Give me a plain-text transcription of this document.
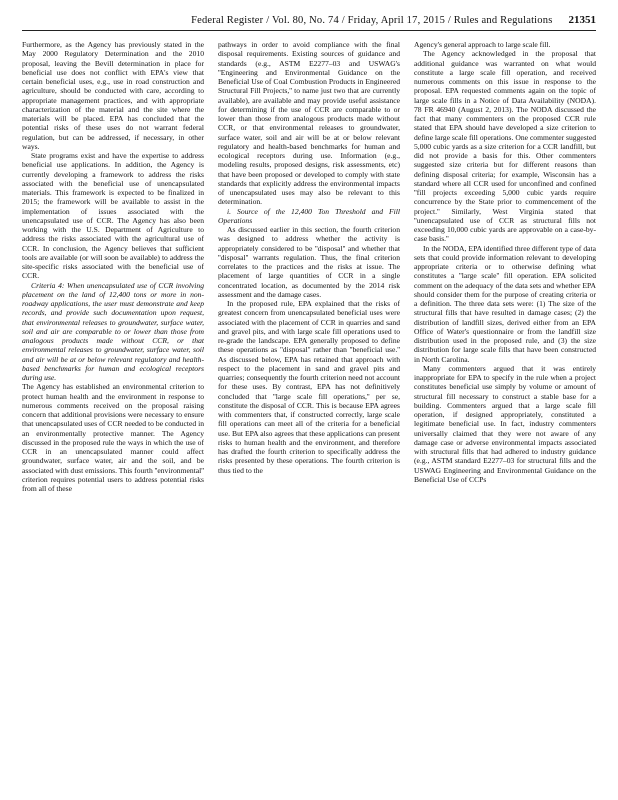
Federal Register / Vol. 80, No. 74 / Friday, April 17, 2015 / Rules and Regulations	21351

Furthermore, as the Agency has previously stated in the May 2000 Regulatory Determination and the 2010 proposal, leaving the Bevill determination in place for beneficial use does not conflict with EPA's view that certain beneficial uses, e.g., use in road construction and agriculture, should be conducted with care, according to appropriate management practices, and with appropriate characterization of the material and the site where the materials will be placed. EPA has concluded that the potential risks of these uses do not warrant federal regulation, but can be addressed, if necessary, in other ways.

State programs exist and have the expertise to address beneficial use applications. In addition, the Agency is currently developing a framework to address the risks associated with the beneficial use of unencapsulated materials. This framework is expected to be finalized in 2015; the framework will be available to assist in the implementation of issues associated with the unencapsulated use of CCR. The Agency has also been working with the U.S. Department of Agriculture to address the risks associated with the agricultural use of CCR. In conclusion, the Agency believes that sufficient tools are available (or will soon be available) to address the site-specific risks associated with the beneficial use of CCR.

Criteria 4: When unencapsulated use of CCR involving placement on the land of 12,400 tons or more in non-roadway applications, the user must demonstrate and keep records, and provide such documentation upon request, that environmental releases to groundwater, surface water, soil and air are comparable to or lower than those from analogous products made without CCR, or that environmental releases to groundwater, surface water, soil and air will be at or below relevant regulatory and health-based benchmarks for human and ecological receptors during use.

The Agency has established an environmental criterion to protect human health and the environment in response to numerous comments received on the proposal raising concern that additional provisions were necessary to ensure that unencapsulated uses of CCR needed to be conducted in an environmentally protective manner. The Agency discussed in the proposed rule the ways in which the use of CCR in an unencapsulated manner could affect groundwater, surface water, air and the soil, and be associated with dust emissions. This fourth ''environmental'' criterion requires potential users to address potential risks from all of these

pathways in order to avoid compliance with the final disposal requirements. Existing sources of guidance and standards (e.g., ASTM E2277–03 and USWAG's ''Engineering and Environmental Guidance on the Beneficial Use of Coal Combustion Products in Engineered Structural Fill Projects,'' to name just two that are currently available), are available and may provide useful assistance for determining if the use of CCR are comparable to or lower than those from analogous products made without CCR, or that environmental releases to groundwater, surface water, soil and air will be at or below relevant regulatory and health-based benchmarks for human and ecological receptors during use. Information (e.g., modeling results, proposed designs, risk assessments, etc) that have been proposed or developed to comply with state standards that explicitly address the environmental impacts of unencapsulated uses may also be relevant to this determination.

i. Source of the 12,400 Ton Threshold and Fill Operations

As discussed earlier in this section, the fourth criterion was designed to address whether the activity is appropriately considered to be ''disposal'' and whether that ''disposal'' warrants regulation. Thus, the final criterion correlates to the practices and the risks at issue. The placement of large quantities of CCR in a single concentrated location, as documented by the 2014 risk assessment and the damage cases.

In the proposed rule, EPA explained that the risks of greatest concern from unencapsulated beneficial uses were associated with the placement of CCR in quarries and sand and gravel pits, and with large scale fill operations used to re-grade the landscape. EPA generally proposed to define these operations as ''disposal'' rather than ''beneficial use.'' As discussed below, EPA has retained that approach with respect to the placement in sand and gravel pits and quarries; consequently the fourth criterion need not account for these uses. By contrast, EPA has not definitively concluded that ''large scale fill operations,'' per se, constitute the disposal of CCR. This is because EPA agrees with commenters that, if constructed correctly, large scale fill operations can meet all of the criteria for a beneficial use. But EPA also agrees that these applications can present risks to human health and the environment, and therefore has drafted the fourth criterion to specifically address the risks presented by these operations. The fourth criterion is thus tied to the

Agency's general approach to large scale fill.

The Agency acknowledged in the proposal that additional guidance was warranted on what would constitute a large scale fill operation, and received numerous comments on this issue in response to the proposal. EPA requested comments again on the topic of large scale fills in a Notice of Data Availability (NODA). 78 FR 46940 (August 2, 2013). The NODA discussed the fact that many commenters on the proposed CCR rule stated that EPA should have developed a size criterion to define large scale fill operations. One commenter suggested 5,000 cubic yards as a size criterion for a CCR landfill, but did not provide a basis for this. Other commenters suggested size criteria but for different reasons than defining disposal criteria; for example, Wisconsin has a standard where all CCR used for unconfined and confined ''fill projects exceeding 5,000 cubic yards require concurrence by the State prior to commencement of the project.'' Similarly, West Virginia stated that ''unencapsulated use of CCR as structural fills not exceeding 10,000 cubic yards are approvable on a case-by-case basis.''

In the NODA, EPA identified three different type of data sets that could provide information relevant to developing appropriate criteria or to otherwise defining what constitutes a ''large scale'' fill operation. EPA solicited comment on the adequacy of the data sets and whether EPA should consider them for the purpose of creating criteria or a definition. The three data sets were: (1) The size of the structural fills that have resulted in damage cases; (2) the distribution of landfill sizes, derived either from an EPA Office of Water's questionnaire or from the landfill size distribution used in the proposed rule, and (3) the size distribution for large scale fills that have been constructed in North Carolina.

Many commenters argued that it was entirely inappropriate for EPA to specify in the rule when a project constitutes beneficial use simply by volume or amount of structural fill necessary to construct a stable base for a building. Commenters argued that a large scale fill operation, if designed appropriately, constituted a legitimate beneficial use. In fact, industry commenters universally claimed that they were not aware of any damage case or adverse environmental impacts associated with structural fills that had adhered to industry guidance (e.g., ASTM standard E2277–03 for structural fills and the USWAG Engineering and Environmental Guidance on the Beneficial Use of CCPs
